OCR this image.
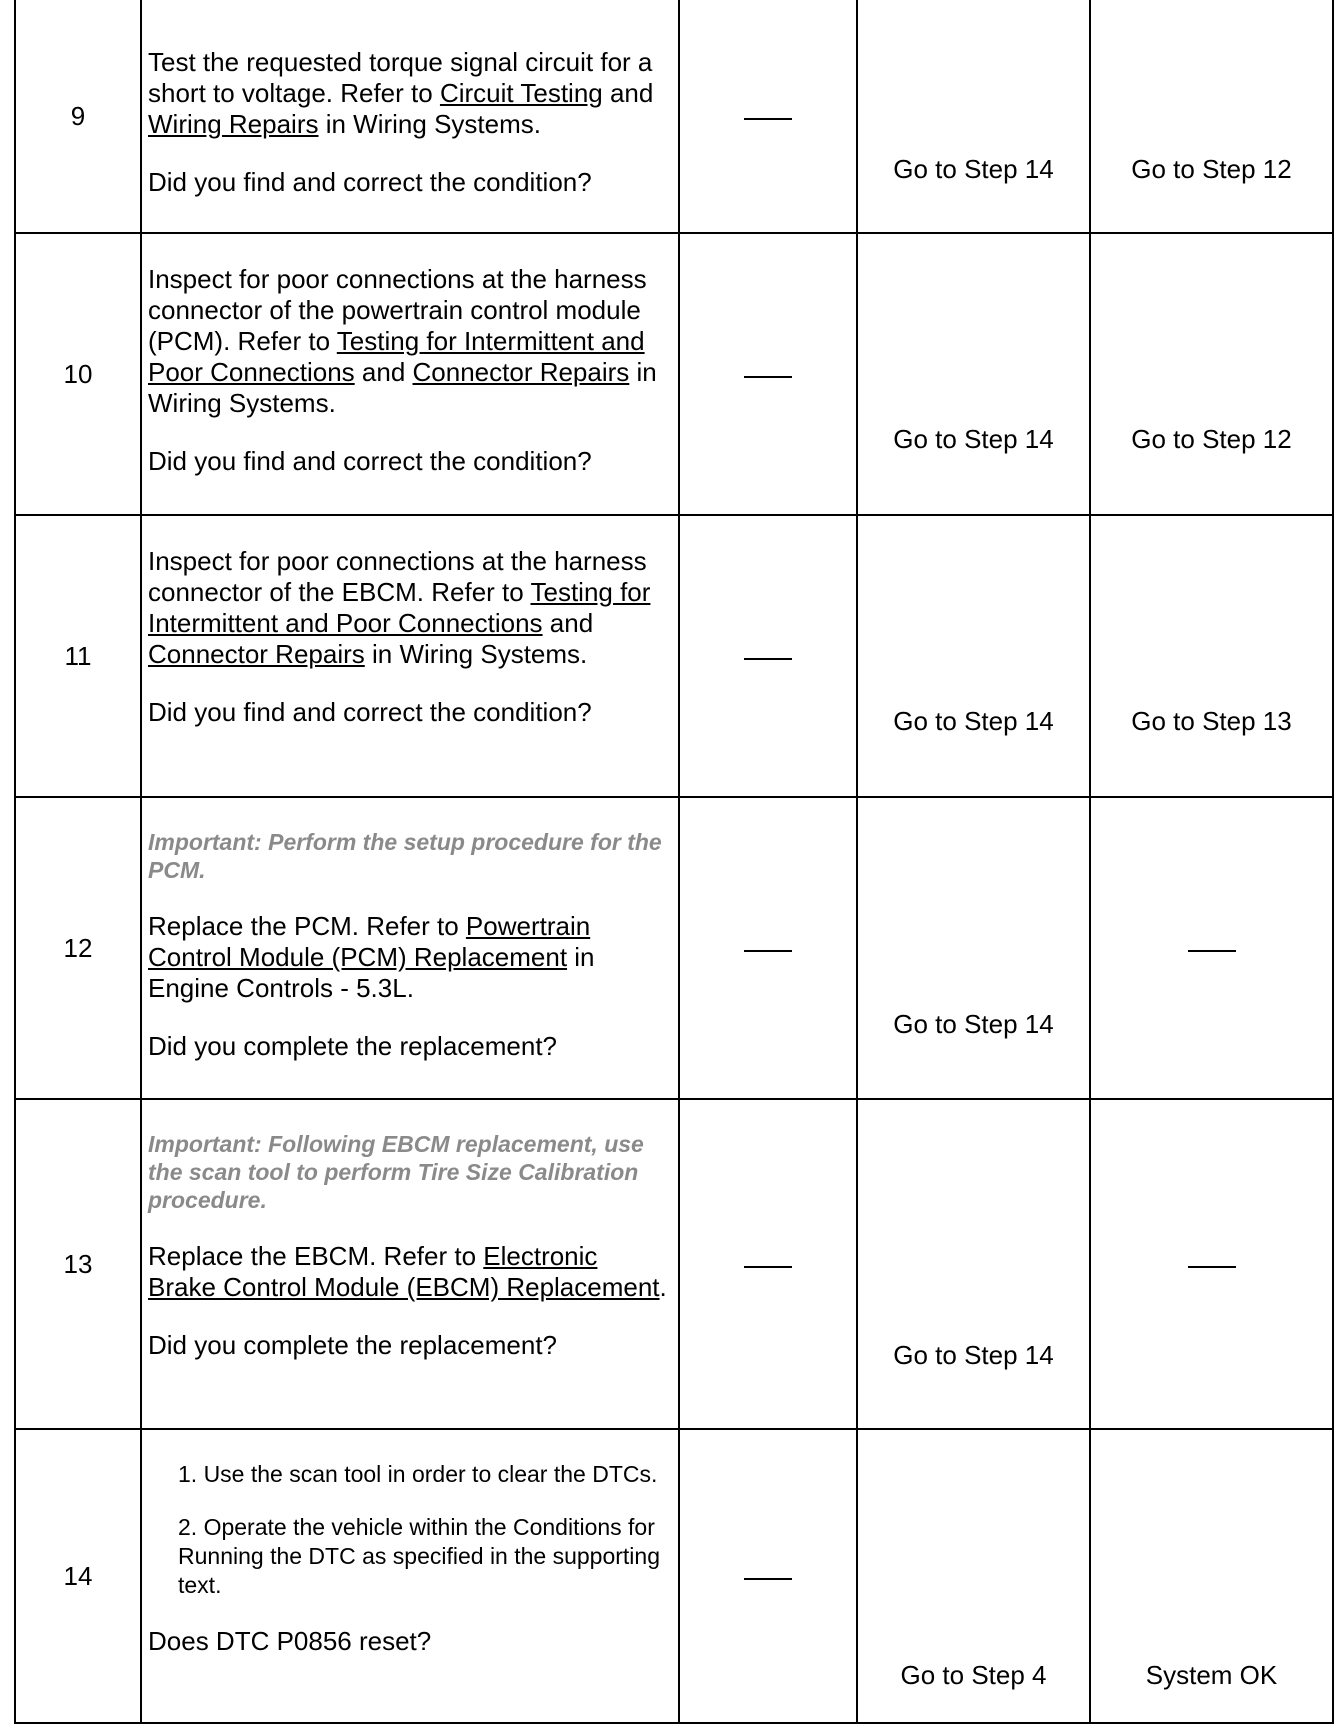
9	Test the requested torque signal circuit for a short to voltage. Refer to Circuit Testing and Wiring Repairs in Wiring Systems.

Did you find and correct the condition?		Go to Step 14	Go to Step 12

10	Inspect for poor connections at the harness connector of the powertrain control module (PCM). Refer to Testing for Intermittent and Poor Connections and Connector Repairs in Wiring Systems.

Did you find and correct the condition?		Go to Step 14	Go to Step 12

11	Inspect for poor connections at the harness connector of the EBCM. Refer to Testing for Intermittent and Poor Connections and Connector Repairs in Wiring Systems.

Did you find and correct the condition?		Go to Step 14	Go to Step 13

12	Important: Perform the setup procedure for the PCM.

Replace the PCM. Refer to Powertrain Control Module (PCM) Replacement in Engine Controls - 5.3L.

Did you complete the replacement?		Go to Step 14	

13	Important: Following EBCM replacement, use the scan tool to perform Tire Size Calibration procedure.

Replace the EBCM. Refer to Electronic Brake Control Module (EBCM) Replacement.

Did you complete the replacement?		Go to Step 14	

14	1. Use the scan tool in order to clear the DTCs.

2. Operate the vehicle within the Conditions for Running the DTC as specified in the supporting text.

Does DTC P0856 reset?		Go to Step 4	System OK
